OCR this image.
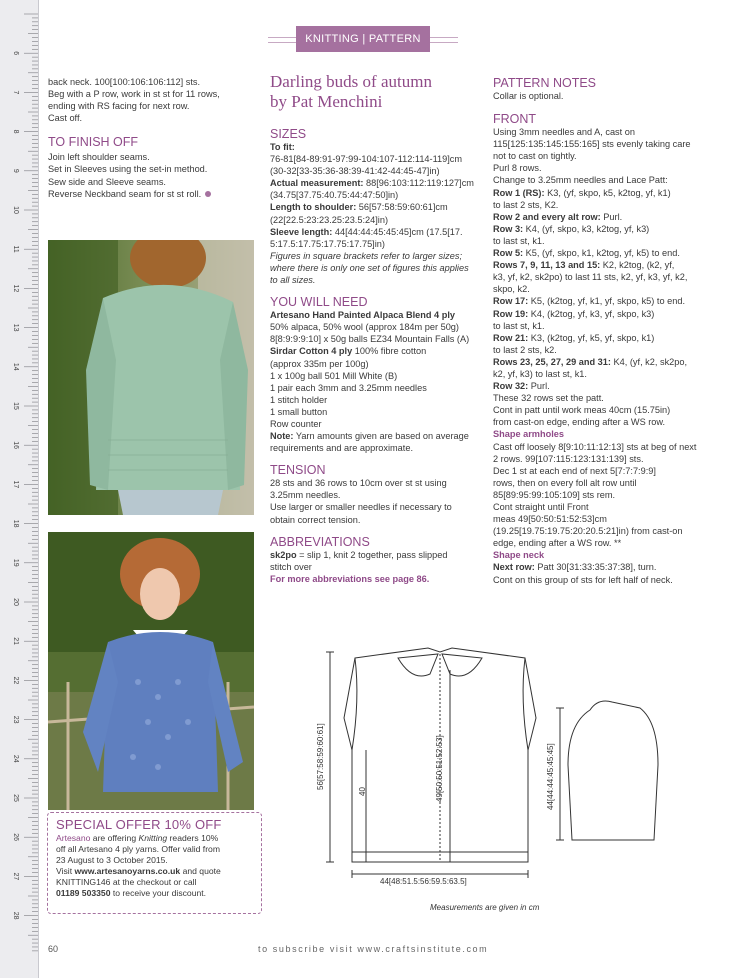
6
7
8
9
10
11
12
13
14
15
16
17
18
19
20
21
22
23
24
25
26
27
28
KNITTING | PATTERN INSTRUCTIONS

back neck. 100[100:106:106:112] sts.

Beg with a P row, work in st st for 11 rows,

ending with RS facing for next row.

Cast off.

TO FINISH OFF

Join left shoulder seams.

Set in Sleeves using the set-in method.

Sew side and Sleeve seams.

Reverse Neckband seam for st st roll.

SPECIAL OFFER 10% OFF
Artesano are offering Knitting readers 10%
off all Artesano 4 ply yarns. Offer valid from
23 August to 3 October 2015.
Visit www.artesanoyarns.co.uk and quote
KNITTING146 at the checkout or call
01189 503350 to receive your discount.
Darling buds of autumn
by Pat Menchini
SIZES

To fit:

76-81[84-89:91-97:99-104:107-112:114-119]cm

(30-32[33-35:36-38:39-41:42-44:45-47]in)

Actual measurement: 88[96:103:112:119:127]cm

(34.75[37.75:40.75:44:47:50]in)

Length to shoulder: 56[57:58:59:60:61]cm

(22[22.5:23:23.25:23.5:24]in)

Sleeve length: 44[44:44:45:45:45]cm (17.5[17.

5:17.5:17.75:17.75:17.75]in)

Figures in square brackets refer to larger sizes;

where there is only one set of figures this applies

to all sizes.

YOU WILL NEED

Artesano Hand Painted Alpaca Blend 4 ply

50% alpaca, 50% wool (approx 184m per 50g)

8[8:9:9:9:10] x 50g balls EZ34 Mountain Falls (A)

Sirdar Cotton 4 ply 100% fibre cotton

(approx 335m per 100g)

1 x 100g ball 501 Mill White (B)

1 pair each 3mm and 3.25mm needles

1 stitch holder

1 small button

Row counter

Note: Yarn amounts given are based on average

requirements and are approximate.

TENSION

28 sts and 36 rows to 10cm over st st using

3.25mm needles.

Use larger or smaller needles if necessary to

obtain correct tension.

ABBREVIATIONS

sk2po = slip 1, knit 2 together, pass slipped

stitch over

For more abbreviations see page 86.

PATTERN NOTES

Collar is optional.

FRONT

Using 3mm needles and A, cast on

115[125:135:145:155:165] sts evenly taking care

not to cast on tightly.

Purl 8 rows.

Change to 3.25mm needles and Lace Patt:

Row 1 (RS): K3, (yf, skpo, k5, k2tog, yf, k1)

to last 2 sts, K2.

Row 2 and every alt row: Purl.

Row 3: K4, (yf, skpo, k3, k2tog, yf, k3)

to last st, k1.

Row 5: K5, (yf, skpo, k1, k2tog, yf, k5) to end.

Rows 7, 9, 11, 13 and 15: K2, k2tog, (k2, yf,

k3, yf, k2, sk2po) to last 11 sts, k2, yf, k3, yf, k2,

skpo, k2.

Row 17: K5, (k2tog, yf, k1, yf, skpo, k5) to end.

Row 19: K4, (k2tog, yf, k3, yf, skpo, k3)

to last st, k1.

Row 21: K3, (k2tog, yf, k5, yf, skpo, k1)

to last 2 sts, k2.

Rows 23, 25, 27, 29 and 31: K4, (yf, k2, sk2po,

k2, yf, k3) to last st, k1.

Row 32: Purl.

These 32 rows set the patt.

Cont in patt until work meas 40cm (15.75in)

from cast-on edge, ending after a WS row.

Shape armholes

Cast off loosely 8[9:10:11:12:13] sts at beg of next

2 rows. 99[107:115:123:131:139] sts.

Dec 1 st at each end of next 5[7:7:7:9:9]

rows, then on every foll alt row until

85[89:95:99:105:109] sts rem.

Cont straight until Front

meas 49[50:50:51:52:53]cm

(19.25[19.75:19.75:20:20.5:21]in) from cast-on

edge, ending after a WS row. **

Shape neck

Next row: Patt 30[31:33:35:37:38], turn.

Cont on this group of sts for left half of neck.

56[57:58:59:60:61]
40	49[50:50:51:52:53]
44[48:51.5:56:59.5:63.5]
44[44:44:45:45:45]
Measurements are given in cm
60	to subscribe visit www.craftsinstitute.com
